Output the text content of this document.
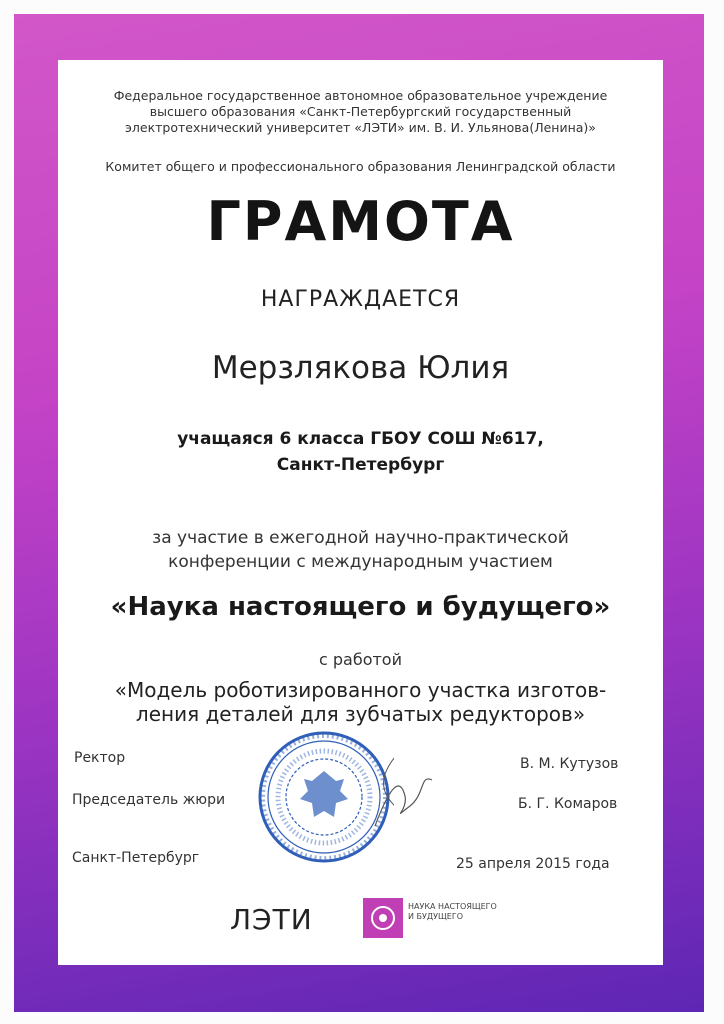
Федеральное государственное автономное образовательное учреждение
высшего образования «Санкт-Петербургский государственный
электротехнический университет «ЛЭТИ» им. В. И. Ульянова(Ленина)»
Комитет общего и профессионального образования Ленинградской области
ГРАМОТА
НАГРАЖДАЕТСЯ
Мерзлякова Юлия
учащаяся 6 класса ГБОУ СОШ №617,
Санкт-Петербург
за участие в ежегодной научно-практической
конференции с международным участием
«Наука настоящего и будущего»
с работой
«Модель роботизированного участка изготов-
ления деталей для зубчатых редукторов»
Ректор	В. М. Кутузов
Председатель жюри	Б. Г. Комаров
Санкт-Петербург	25 апреля 2015 года
ЛЭТИ	НАУКА НАСТОЯЩЕГО
И БУДУЩЕГО
